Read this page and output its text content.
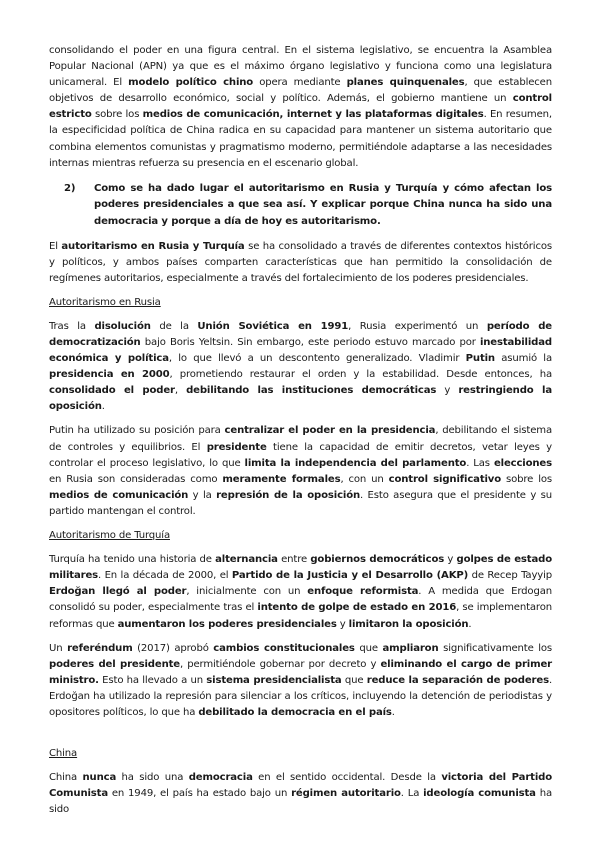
consolidando el poder en una figura central. En el sistema legislativo, se encuentra la Asamblea Popular Nacional (APN) ya que es el máximo órgano legislativo y funciona como una legislatura unicameral. El modelo político chino opera mediante planes quinquenales, que establecen objetivos de desarrollo económico, social y político. Además, el gobierno mantiene un control estricto sobre los medios de comunicación, internet y las plataformas digitales. En resumen, la especificidad política de China radica en su capacidad para mantener un sistema autoritario que combina elementos comunistas y pragmatismo moderno, permitiéndole adaptarse a las necesidades internas mientras refuerza su presencia en el escenario global.

2)	Como se ha dado lugar el autoritarismo en Rusia y Turquía y cómo afectan los poderes presidenciales a que sea así. Y explicar porque China nunca ha sido una democracia y porque a día de hoy es autoritarismo.

El autoritarismo en Rusia y Turquía se ha consolidado a través de diferentes contextos históricos y políticos, y ambos países comparten características que han permitido la consolidación de regímenes autoritarios, especialmente a través del fortalecimiento de los poderes presidenciales.

Autoritarismo en Rusia

Tras la disolución de la Unión Soviética en 1991, Rusia experimentó un período de democratización bajo Boris Yeltsin. Sin embargo, este periodo estuvo marcado por inestabilidad económica y política, lo que llevó a un descontento generalizado. Vladimir Putin asumió la presidencia en 2000, prometiendo restaurar el orden y la estabilidad. Desde entonces, ha consolidado el poder, debilitando las instituciones democráticas y restringiendo la oposición.

Putin ha utilizado su posición para centralizar el poder en la presidencia, debilitando el sistema de controles y equilibrios. El presidente tiene la capacidad de emitir decretos, vetar leyes y controlar el proceso legislativo, lo que limita la independencia del parlamento. Las elecciones en Rusia son consideradas como meramente formales, con un control significativo sobre los medios de comunicación y la represión de la oposición. Esto asegura que el presidente y su partido mantengan el control.

Autoritarismo de Turquía

Turquía ha tenido una historia de alternancia entre gobiernos democráticos y golpes de estado militares. En la década de 2000, el Partido de la Justicia y el Desarrollo (AKP) de Recep Tayyip Erdoğan llegó al poder, inicialmente con un enfoque reformista. A medida que Erdogan consolidó su poder, especialmente tras el intento de golpe de estado en 2016, se implementaron reformas que aumentaron los poderes presidenciales y limitaron la oposición.

Un referéndum (2017) aprobó cambios constitucionales que ampliaron significativamente los poderes del presidente, permitiéndole gobernar por decreto y eliminando el cargo de primer ministro. Esto ha llevado a un sistema presidencialista que reduce la separación de poderes. Erdoğan ha utilizado la represión para silenciar a los críticos, incluyendo la detención de periodistas y opositores políticos, lo que ha debilitado la democracia en el país.

China

China nunca ha sido una democracia en el sentido occidental. Desde la victoria del Partido Comunista en 1949, el país ha estado bajo un régimen autoritario. La ideología comunista ha sido
